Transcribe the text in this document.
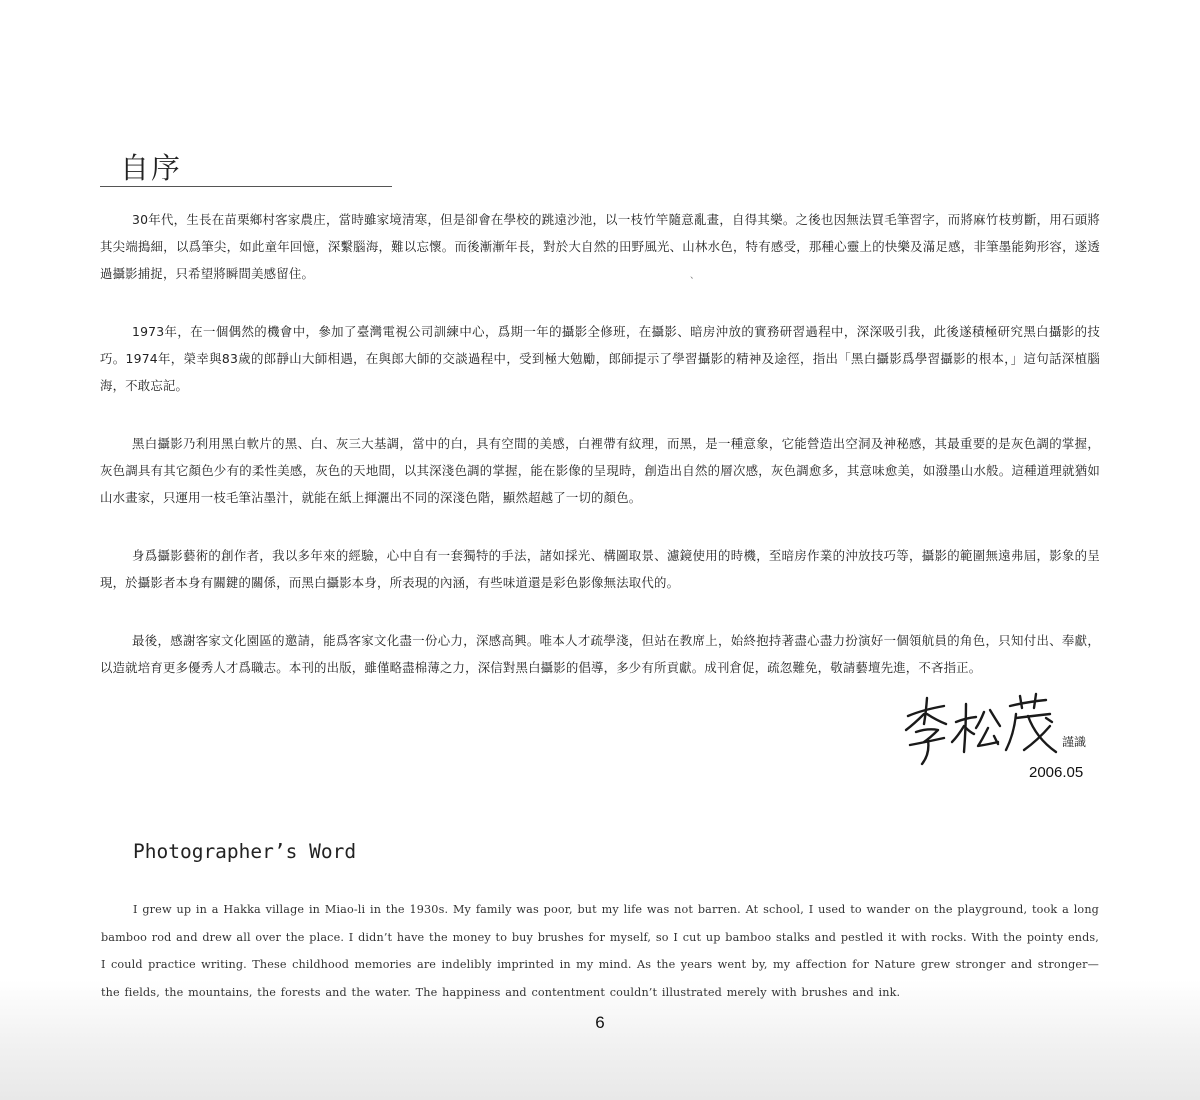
自序

30年代，生長在苗栗鄉村客家農庄，當時雖家境清寒，但是卻會在學校的跳遠沙池，以一枝竹竿隨意亂畫，自得其樂。之後也因無法買毛筆習字，而將麻竹枝剪斷，用石頭將其尖端搗細，以爲筆尖，如此童年回憶，深繫腦海，難以忘懷。而後漸漸年長，對於大自然的田野風光、山林水色，特有感受，那種心靈上的快樂及滿足感，非筆墨能夠形容，遂透過攝影捕捉，只希望將瞬間美感留住。

1973年，在一個偶然的機會中，參加了臺灣電視公司訓練中心，爲期一年的攝影全修班，在攝影、暗房沖放的實務研習過程中，深深吸引我，此後遂積極研究黑白攝影的技巧。1974年，榮幸與83歲的郎靜山大師相遇，在與郎大師的交談過程中，受到極大勉勵，郎師提示了學習攝影的精神及途徑，指出「黑白攝影爲學習攝影的根本，」這句話深植腦海，不敢忘記。

黑白攝影乃利用黑白軟片的黑、白、灰三大基調，當中的白，具有空間的美感，白裡帶有紋理，而黑，是一種意象，它能營造出空洞及神秘感，其最重要的是灰色調的掌握，灰色調具有其它顏色少有的柔性美感，灰色的天地間，以其深淺色調的掌握，能在影像的呈現時，創造出自然的層次感，灰色調愈多，其意味愈美，如潑墨山水般。這種道理就猶如山水畫家，只運用一枝毛筆沾墨汁，就能在紙上揮灑出不同的深淺色階，顯然超越了一切的顏色。

身爲攝影藝術的創作者，我以多年來的經驗，心中自有一套獨特的手法，諸如採光、構圖取景、濾鏡使用的時機，至暗房作業的沖放技巧等，攝影的範圍無遠弗屆，影象的呈現，於攝影者本身有關鍵的關係，而黑白攝影本身，所表現的內涵，有些味道還是彩色影像無法取代的。

最後，感謝客家文化園區的邀請，能爲客家文化盡一份心力，深感高興。唯本人才疏學淺，但站在教席上，始終抱持著盡心盡力扮演好一個領航員的角色，只知付出、奉獻，以造就培育更多優秀人才爲職志。本刊的出版，雖僅略盡棉薄之力，深信對黑白攝影的倡導，多少有所貢獻。成刊倉促，疏忽難免，敬請藝壇先進，不吝指正。

、
謹識
2006.05
Photographer’s Word

I grew up in a Hakka village in Miao-li in the 1930s. My family was poor, but my life was not barren. At school, I used to wander on the playground, took a long bamboo rod and drew all over the place. I didn’t have the money to buy brushes for myself, so I cut up bamboo stalks and pestled it with rocks. With the pointy ends, I could practice writing. These childhood memories are indelibly imprinted in my mind. As the years went by, my affection for Nature grew stronger and stronger—the fields, the mountains, the forests and the water. The happiness and contentment couldn’t illustrated merely with brushes and ink.

6
